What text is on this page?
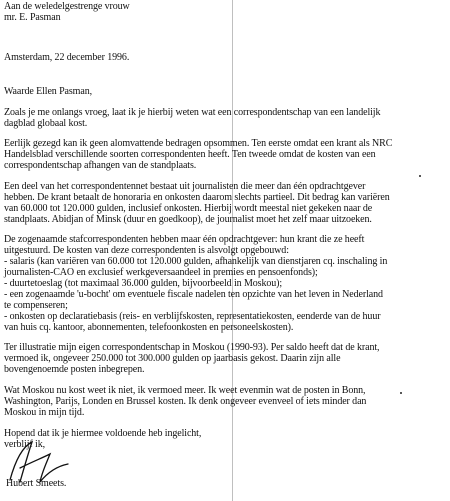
Aan de weledelgestrenge vrouw
mr. E. Pasman
Amsterdam, 22 december 1996.
Waarde Ellen Pasman,
Zoals je me onlangs vroeg, laat ik je hierbij weten wat een correspondentschap van een landelijk
dagblad globaal kost.
Eerlijk gezegd kan ik geen alomvattende bedragen opsommen. Ten eerste omdat een krant als NRC
Handelsblad verschillende soorten correspondenten heeft. Ten tweede omdat de kosten van een
correspondentschap afhangen van de standplaats.
Een deel van het correspondentennet bestaat uit journalisten die meer dan één opdrachtgever
hebben. De krant betaalt de honoraria en onkosten daarom slechts partieel. Dit bedrag kan variëren
van 60.000 tot 120.000 gulden, inclusief onkosten. Hierbij wordt meestal niet gekeken naar de
standplaats. Abidjan of Minsk (duur en goedkoop), de journalist moet het zelf maar uitzoeken.
De zogenaamde stafcorrespondenten hebben maar één opdrachtgever: hun krant die ze heeft
uitgestuurd. De kosten van deze correspondenten is alsvolgt opgebouwd:
- salaris (kan variëren van 60.000 tot 120.000 gulden, afhankelijk van dienstjaren cq. inschaling in
journalisten-CAO en exclusief werkgeversaandeel in premies en pensoenfonds);
- duurtetoeslag (tot maximaal 36.000 gulden, bijvoorbeeld in Moskou);
- een zogenaamde 'u-bocht' om eventuele fiscale nadelen ten opzichte van het leven in Nederland
te compenseren;
- onkosten op declaratiebasis (reis- en verblijfskosten, representatiekosten, eenderde van de huur
van huis cq. kantoor, abonnementen, telefoonkosten en personeelskosten).
Ter illustratie mijn eigen correspondentschap in Moskou (1990-93). Per saldo heeft dat de krant,
vermoed ik, ongeveer 250.000 tot 300.000 gulden op jaarbasis gekost. Daarin zijn alle
bovengenoemde posten inbegrepen.
Wat Moskou nu kost weet ik niet, ik vermoed meer. Ik weet evenmin wat de posten in Bonn,
Washington, Parijs, Londen en Brussel kosten. Ik denk ongeveer evenveel of iets minder dan
Moskou in mijn tijd.
Hopend dat ik je hiermee voldoende heb ingelicht,
verblijf ik,
Hubert Smeets.
